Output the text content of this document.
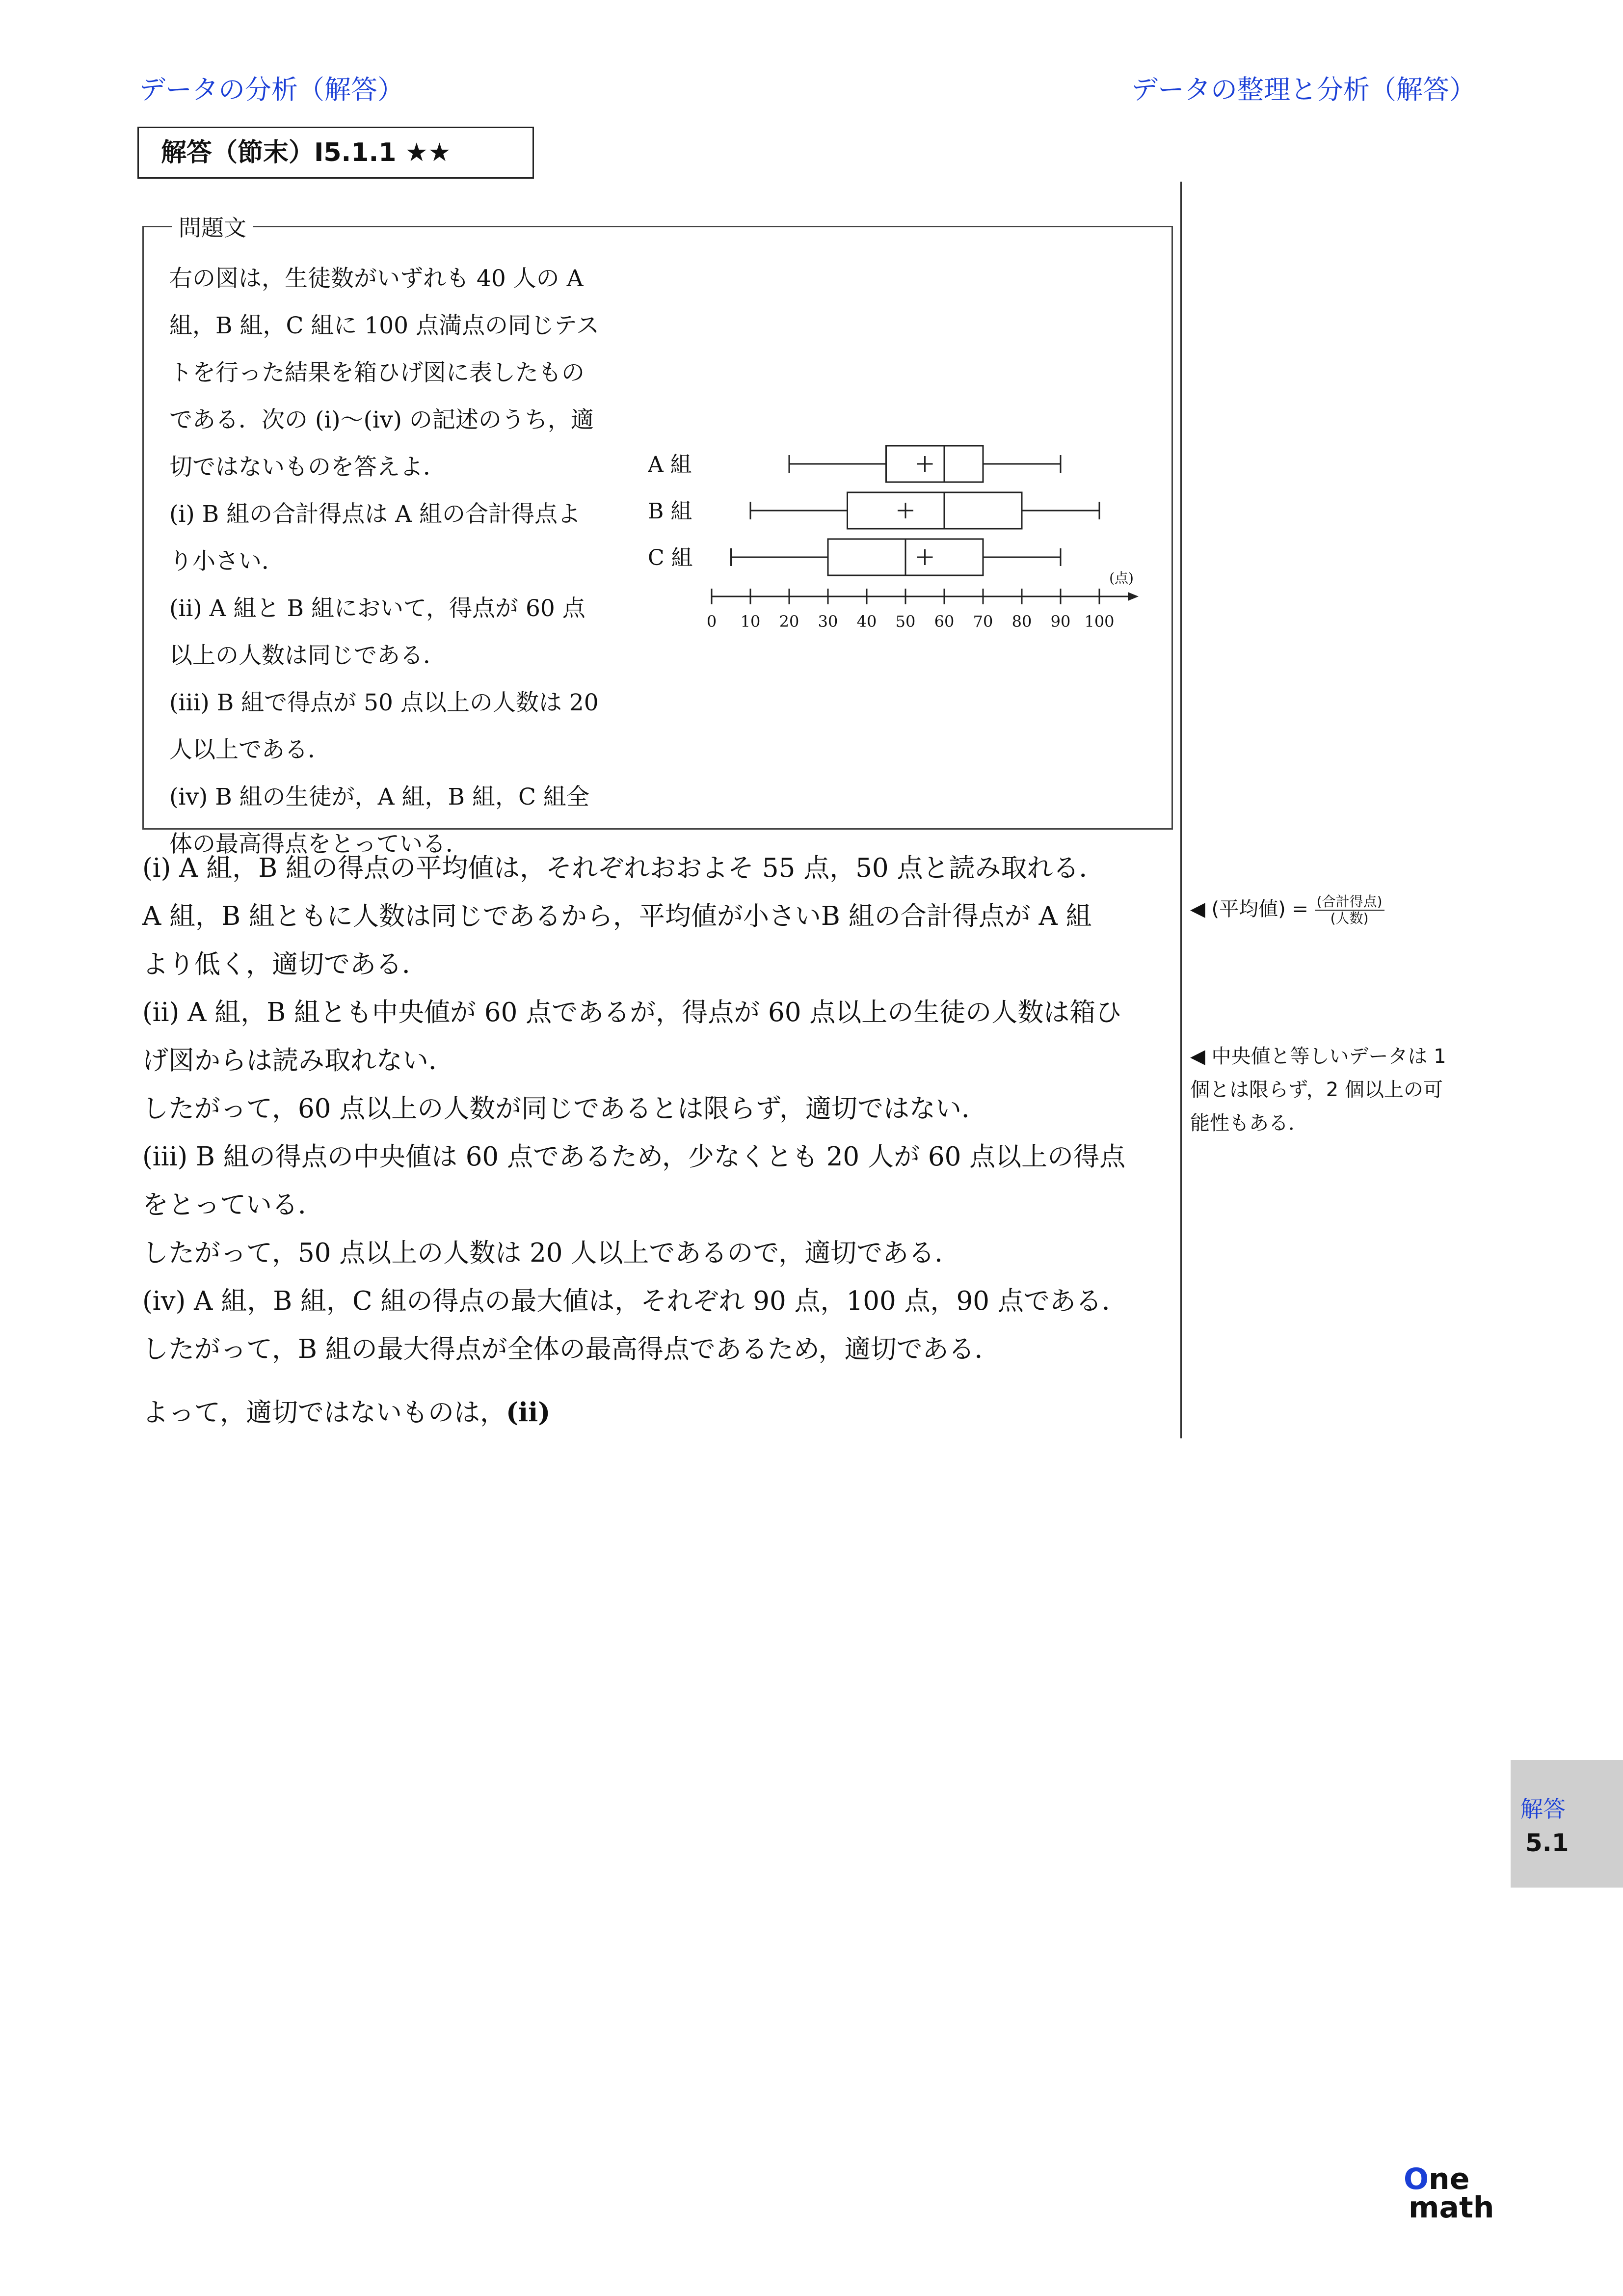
データの分析（解答）	データの整理と分析（解答）
解答（節末）I5.1.1 ★★
問題文

右の図は，生徒数がいずれも 40 人の A

組，B 組，C 組に 100 点満点の同じテス

トを行った結果を箱ひげ図に表したもの

である．次の (i)〜(iv) の記述のうち，適

切ではないものを答えよ．

(i) B 組の合計得点は A 組の合計得点よ

り小さい．

(ii) A 組と B 組において，得点が 60 点

以上の人数は同じである．

(iii) B 組で得点が 50 点以上の人数は 20

人以上である．

(iv) B 組の生徒が，A 組，B 組，C 組全

体の最高得点をとっている．

A 組
B 組
C 組
0 10 20 30 40 50 60 70 80 90 100
(点)

(i) A 組，B 組の得点の平均値は，それぞれおおよそ 55 点，50 点と読み取れる．

A 組，B 組ともに人数は同じであるから，平均値が小さいB 組の合計得点が A 組

より低く，適切である．

(ii) A 組，B 組とも中央値が 60 点であるが，得点が 60 点以上の生徒の人数は箱ひ

げ図からは読み取れない．

したがって，60 点以上の人数が同じであるとは限らず，適切ではない．

(iii) B 組の得点の中央値は 60 点であるため，少なくとも 20 人が 60 点以上の得点

をとっている．

したがって，50 点以上の人数は 20 人以上であるので，適切である．

(iv) A 組，B 組，C 組の得点の最大値は，それぞれ 90 点，100 点，90 点である．

したがって，B 組の最大得点が全体の最高得点であるため，適切である．

よって，適切ではないものは，(ii)

◀ (平均値) = $\frac{\text{(合計得点)}}{\text{(人数)}}$
◀ 中央値と等しいデータは 1
個とは限らず，2 個以上の可
能性もある．
解答
5.1
One
math
